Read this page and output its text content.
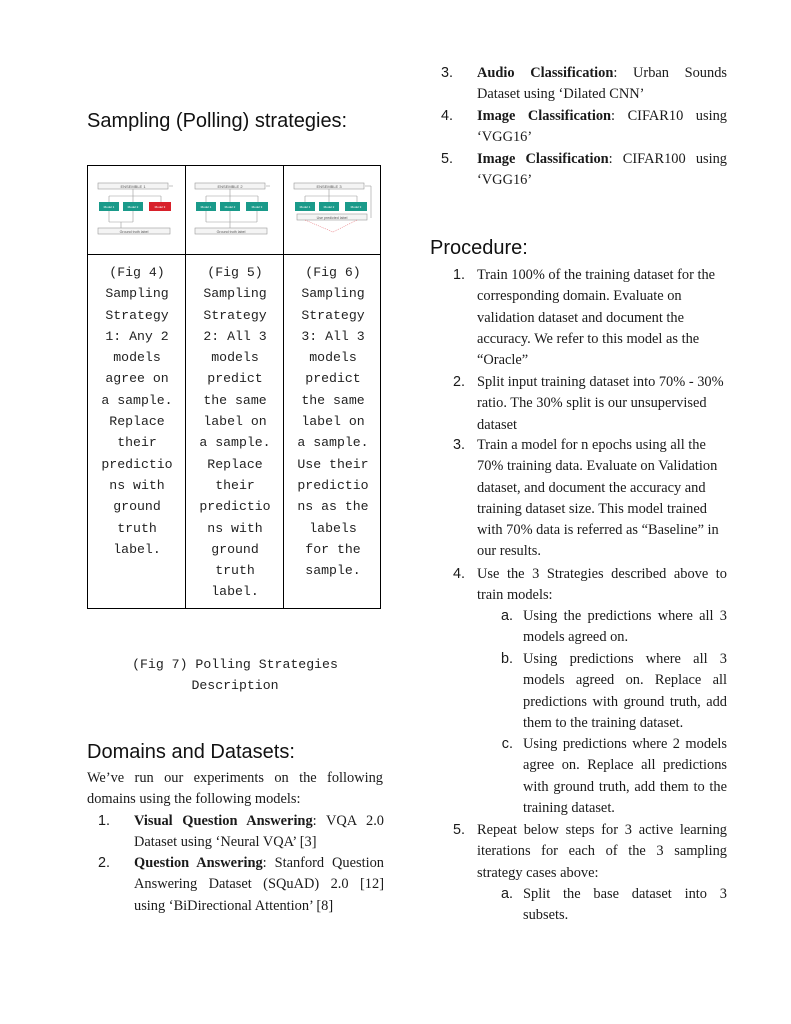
Sampling (Polling) strategies:
ENSEMBLE 1
Model 1	Model 2	Model 3
Ground truth label
ENSEMBLE 2
Model 1	Model 2	Model 3
Ground truth label
ENSEMBLE 3
Model 1	Model 2	Model 3
Use predicted label
(Fig 4)
Sampling
Strategy
1: Any 2
models
agree on
a sample.
Replace
their
predictio
ns with
ground
truth
label.
(Fig 5)
Sampling
Strategy
2: All 3
models
predict
the same
label on
a sample.
Replace
their
predictio
ns with
ground
truth
label.
(Fig 6)
Sampling
Strategy
3: All 3
models
predict
the same
label on
a sample.
Use their
predictio
ns as the
labels
for the
sample.
(Fig 7) Polling Strategies
Description
Domains and Datasets:
We’ve run our experiments on the following domains using the following models:
1. Visual Question Answering: VQA 2.0 Dataset using ‘Neural VQA’ [3]
2. Question Answering: Stanford Question Answering Dataset (SQuAD) 2.0 [12] using ‘BiDirectional Attention’ [8]
3. Audio Classification: Urban Sounds Dataset using ‘Dilated CNN’
4. Image Classification: CIFAR10 using ‘VGG16’
5. Image Classification: CIFAR100 using ‘VGG16’
Procedure:
1. Train 100% of the training dataset for the corresponding domain. Evaluate on validation dataset and document the accuracy. We refer to this model as the “Oracle”
2. Split input training dataset into 70% - 30% ratio. The 30% split is our unsupervised dataset
3. Train a model for n epochs using all the 70% training data. Evaluate on Validation dataset, and document the accuracy and training dataset size. This model trained with 70% data is referred as “Baseline” in our results.
4. Use the 3 Strategies described above to train models:
a. Using the predictions where all 3 models agreed on.
b. Using predictions where all 3 models agreed on. Replace all predictions with ground truth, add them to the training dataset.
c. Using predictions where 2 models agree on. Replace all predictions with ground truth, add them to the training dataset.
5. Repeat below steps for 3 active learning iterations for each of the 3 sampling strategy cases above:
a. Split the base dataset into 3 subsets.
